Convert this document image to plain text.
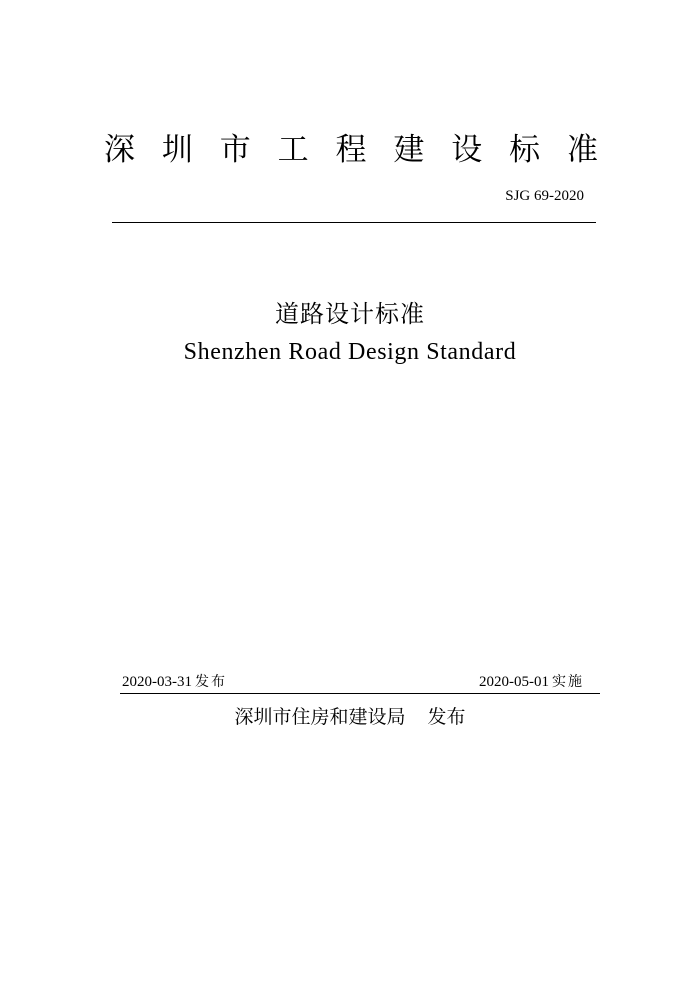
深 圳 市 工 程 建 设 标 准
SJG 69-2020
道路设计标准
Shenzhen Road Design Standard
2020-03-31 发布	2020-05-01 实施
深圳市住房和建设局 发布
